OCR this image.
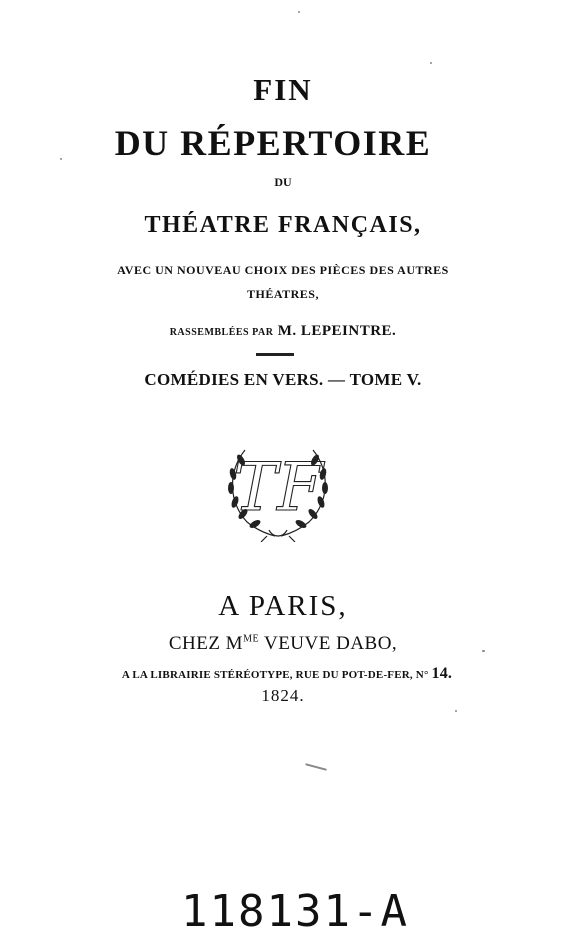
FIN
DU RÉPERTOIRE
DU
THÉATRE FRANÇAIS,
AVEC UN NOUVEAU CHOIX DES PIÈCES DES AUTRES
THÉATRES,
RASSEMBLÉES PAR M. LEPEINTRE.
COMÉDIES EN VERS. — TOME V.
TF
A PARIS,
CHEZ $M^{ME}$ VEUVE DABO,
A LA LIBRAIRIE STÉRÉOTYPE, RUE DU POT-DE-FER, N° 14.
1824.
118131-A
